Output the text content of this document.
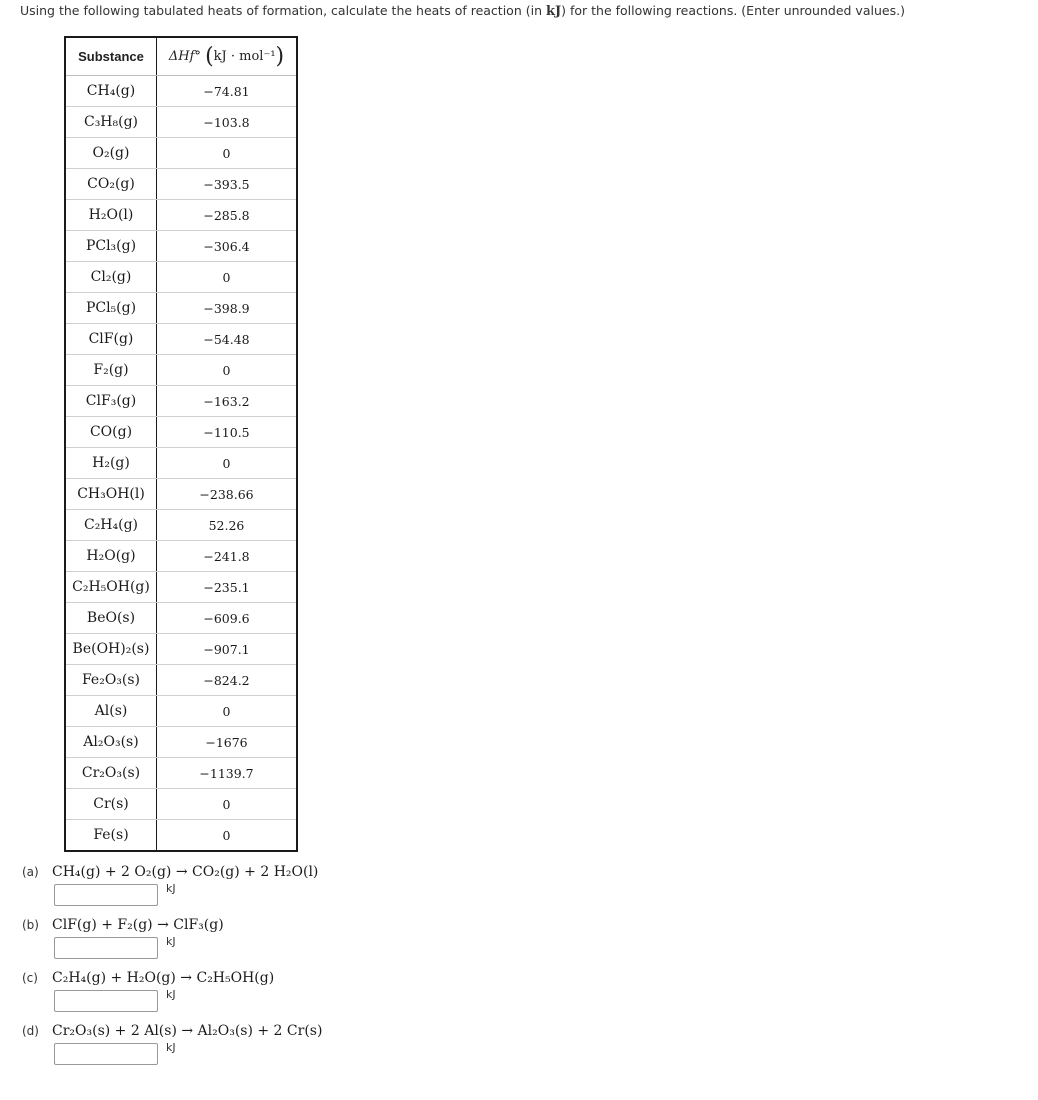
Using the following tabulated heats of formation, calculate the heats of reaction (in kJ) for the following reactions. (Enter unrounded values.)
Substance	ΔHf° (kJ · mol⁻¹)
CH₄(g)	−74.81
C₃H₈(g)	−103.8
O₂(g)	0
CO₂(g)	−393.5
H₂O(l)	−285.8
PCl₃(g)	−306.4
Cl₂(g)	0
PCl₅(g)	−398.9
ClF(g)	−54.48
F₂(g)	0
ClF₃(g)	−163.2
CO(g)	−110.5
H₂(g)	0
CH₃OH(l)	−238.66
C₂H₄(g)	52.26
H₂O(g)	−241.8
C₂H₅OH(g)	−235.1
BeO(s)	−609.6
Be(OH)₂(s)	−907.1
Fe₂O₃(s)	−824.2
Al(s)	0
Al₂O₃(s)	−1676
Cr₂O₃(s)	−1139.7
Cr(s)	0
Fe(s)	0
(a) CH₄(g) + 2 O₂(g) → CO₂(g) + 2 H₂O(l)
kJ
(b) ClF(g) + F₂(g) → ClF₃(g)
kJ
(c) C₂H₄(g) + H₂O(g) → C₂H₅OH(g)
kJ
(d) Cr₂O₃(s) + 2 Al(s) → Al₂O₃(s) + 2 Cr(s)
kJ
